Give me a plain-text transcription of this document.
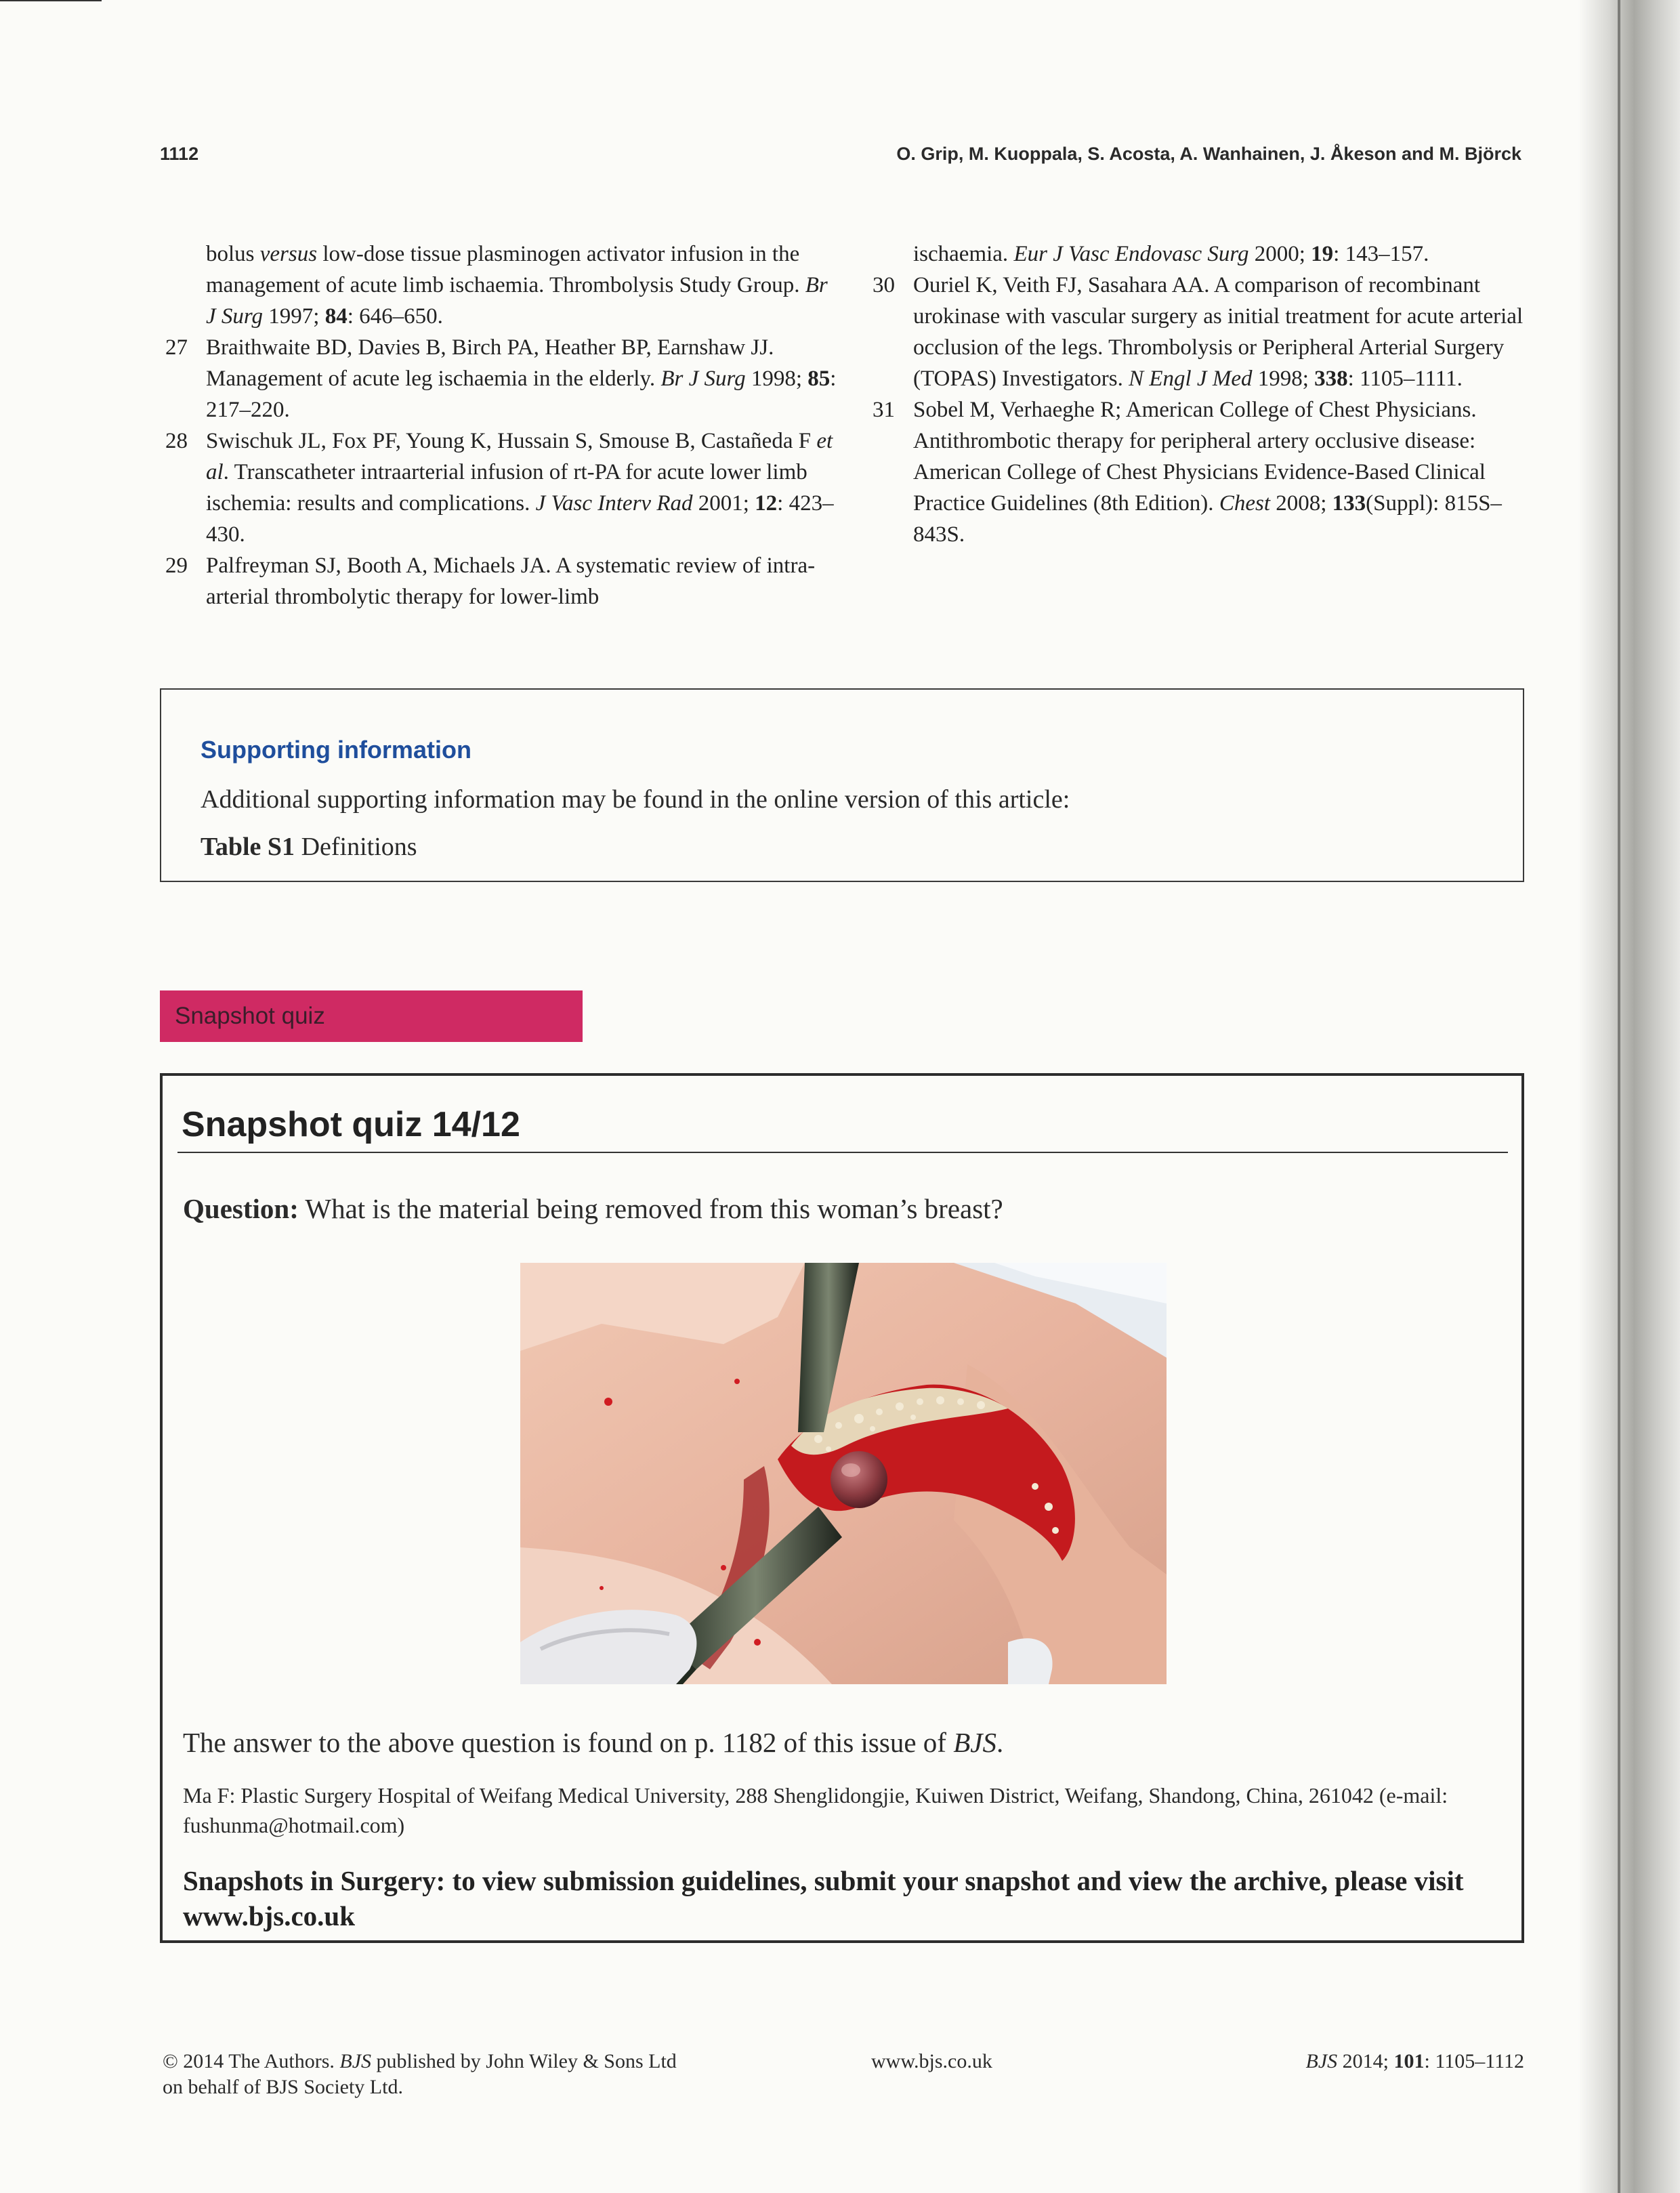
1112	O. Grip, M. Kuoppala, S. Acosta, A. Wanhainen, J. Åkeson and M. Björck

bolus versus low-dose tissue plasminogen activator infusion in the management of acute limb ischaemia. Thrombolysis Study Group. Br J Surg 1997; 84: 646–650.

27 Braithwaite BD, Davies B, Birch PA, Heather BP, Earnshaw JJ. Management of acute leg ischaemia in the elderly. Br J Surg 1998; 85: 217–220.

28 Swischuk JL, Fox PF, Young K, Hussain S, Smouse B, Castañeda F et al. Transcatheter intraarterial infusion of rt-PA for acute lower limb ischemia: results and complications. J Vasc Interv Rad 2001; 12: 423–430.

29 Palfreyman SJ, Booth A, Michaels JA. A systematic review of intra-arterial thrombolytic therapy for lower-limb

ischaemia. Eur J Vasc Endovasc Surg 2000; 19: 143–157.

30 Ouriel K, Veith FJ, Sasahara AA. A comparison of recombinant urokinase with vascular surgery as initial treatment for acute arterial occlusion of the legs. Thrombolysis or Peripheral Arterial Surgery (TOPAS) Investigators. N Engl J Med 1998; 338: 1105–1111.

31 Sobel M, Verhaeghe R; American College of Chest Physicians. Antithrombotic therapy for peripheral artery occlusive disease: American College of Chest Physicians Evidence-Based Clinical Practice Guidelines (8th Edition). Chest 2008; 133(Suppl): 815S–843S.

Supporting information
Additional supporting information may be found in the online version of this article:
Table S1 Definitions
Snapshot quiz
Snapshot quiz 14/12
Question: What is the material being removed from this woman’s breast?
The answer to the above question is found on p. 1182 of this issue of BJS.
Ma F: Plastic Surgery Hospital of Weifang Medical University, 288 Shenglidongjie, Kuiwen District, Weifang, Shandong, China, 261042 (e-mail: fushunma@hotmail.com)
Snapshots in Surgery: to view submission guidelines, submit your snapshot and view the archive, please visit www.bjs.co.uk
© 2014 The Authors. BJS published by John Wiley & Sons Ltd
on behalf of BJS Society Ltd.
www.bjs.co.uk	BJS 2014; 101: 1105–1112
